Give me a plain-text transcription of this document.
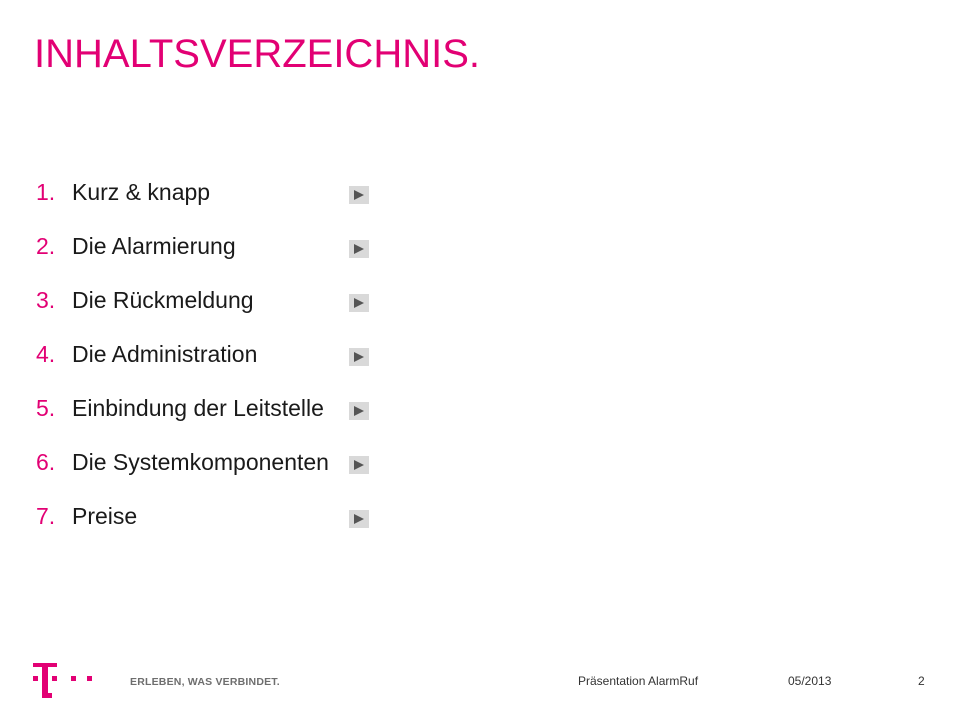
INHALTSVERZEICHNIS.
1. Kurz & knapp
2. Die Alarmierung
3. Die Rückmeldung
4. Die Administration
5. Einbindung der Leitstelle
6. Die Systemkomponenten
7. Preise
ERLEBEN, WAS VERBINDET.	Präsentation AlarmRuf	05/2013	2
